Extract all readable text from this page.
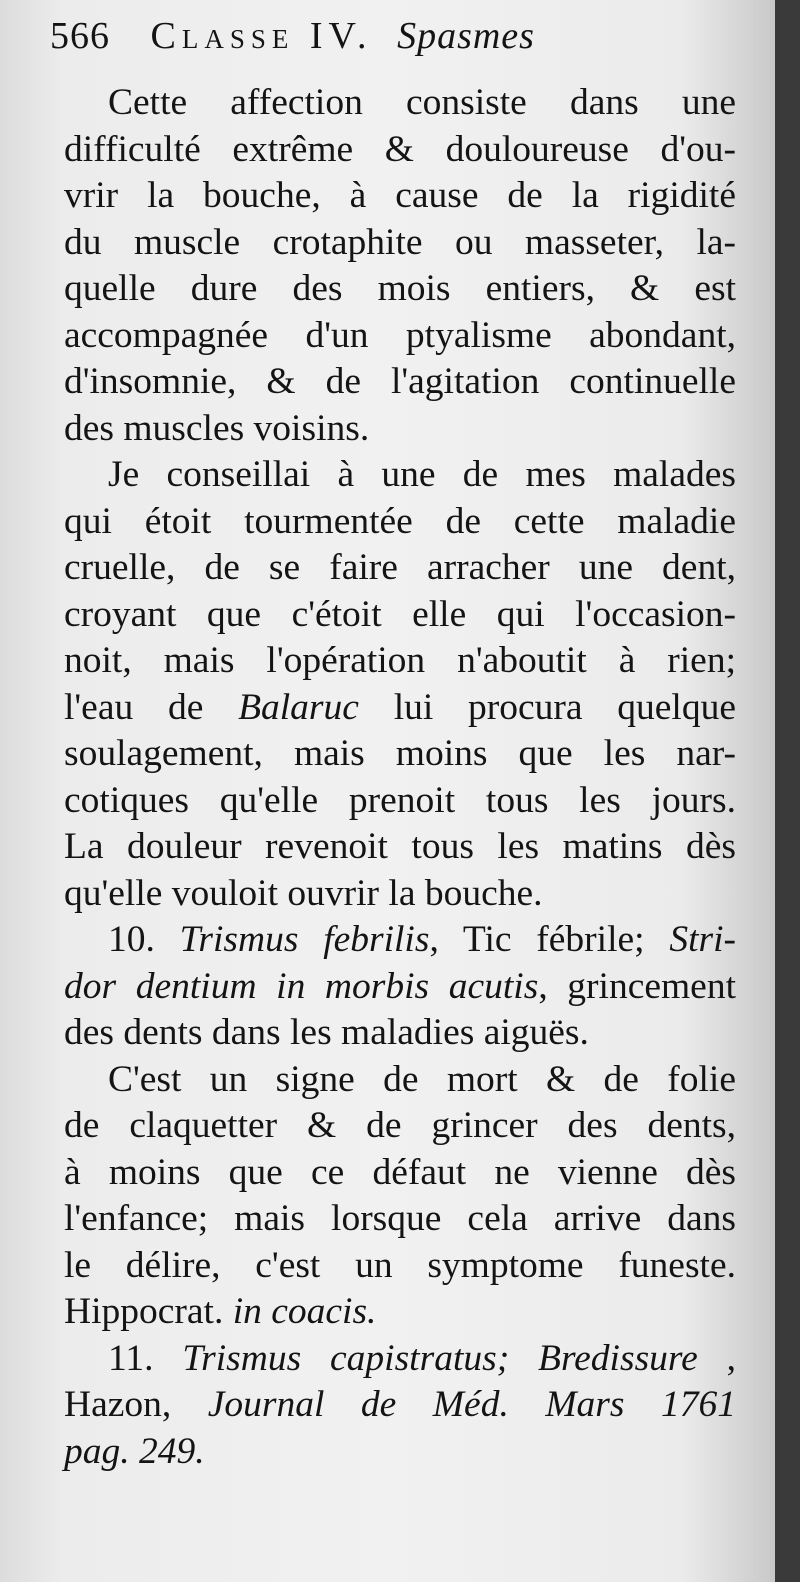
566 Classe IV. Spasmes

Cette affection consiste dans une
difficulté extrême & douloureuse d'ou-
vrir la bouche, à cause de la rigidité
du muscle crotaphite ou masseter, la-
quelle dure des mois entiers, & est
accompagnée d'un ptyalisme abondant,
d'insomnie, & de l'agitation continuelle
des muscles voisins.

Je conseillai à une de mes malades
qui étoit tourmentée de cette maladie
cruelle, de se faire arracher une dent,
croyant que c'étoit elle qui l'occasion-
noit, mais l'opération n'aboutit à rien;
l'eau de Balaruc lui procura quelque
soulagement, mais moins que les nar-
cotiques qu'elle prenoit tous les jours.
La douleur revenoit tous les matins dès
qu'elle vouloit ouvrir la bouche.

10. Trismus febrilis, Tic fébrile; Stri-
dor dentium in morbis acutis, grincement
des dents dans les maladies aiguës.

C'est un signe de mort & de folie
de claquetter & de grincer des dents,
à moins que ce défaut ne vienne dès
l'enfance; mais lorsque cela arrive dans
le délire, c'est un symptome funeste.
Hippocrat. in coacis.

11. Trismus capistratus; Bredissure ,
Hazon, Journal de Méd. Mars 1761
pag. 249.
